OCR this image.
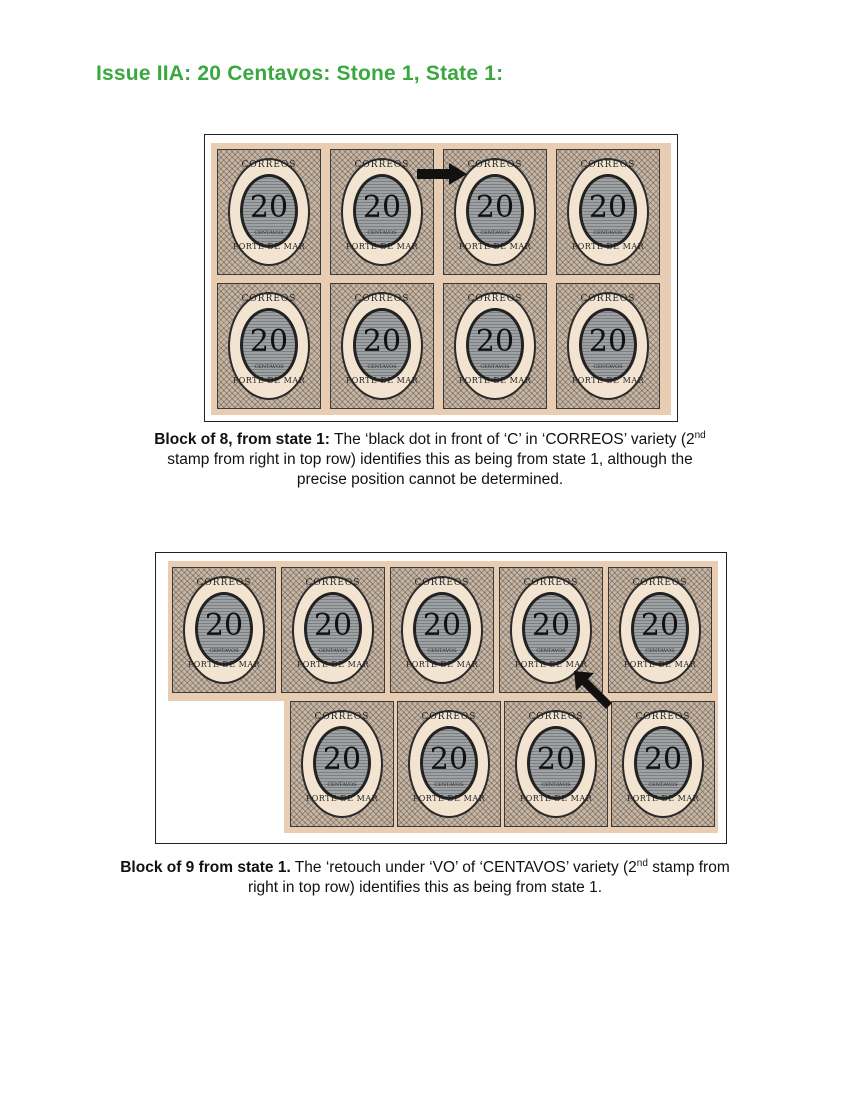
Issue IIA: 20 Centavos: Stone 1, State 1:
CORREOS
20
CENTAVOS
PORTE DE MAR
CORREOS
20
CENTAVOS
PORTE DE MAR
CORREOS
20
CENTAVOS
PORTE DE MAR
CORREOS
20
CENTAVOS
PORTE DE MAR
CORREOS
20
CENTAVOS
PORTE DE MAR
CORREOS
20
CENTAVOS
PORTE DE MAR
CORREOS
20
CENTAVOS
PORTE DE MAR
CORREOS
20
CENTAVOS
PORTE DE MAR

Block of 8, from state 1: The ‘black dot in front of ‘C’ in ‘CORREOS’ variety (2nd stamp from right in top row) identifies this as being from state 1, although the precise position cannot be determined.

CORREOS
20
CENTAVOS
PORTE DE MAR
CORREOS
20
CENTAVOS
PORTE DE MAR
CORREOS
20
CENTAVOS
PORTE DE MAR
CORREOS
20
CENTAVOS
PORTE DE MAR
CORREOS
20
CENTAVOS
PORTE DE MAR
CORREOS
20
CENTAVOS
PORTE DE MAR
CORREOS
20
CENTAVOS
PORTE DE MAR
CORREOS
20
CENTAVOS
PORTE DE MAR
CORREOS
20
CENTAVOS
PORTE DE MAR

Block of 9 from state 1. The ‘retouch under ‘VO’ of ‘CENTAVOS’ variety (2nd stamp from right in top row) identifies this as being from state 1.
